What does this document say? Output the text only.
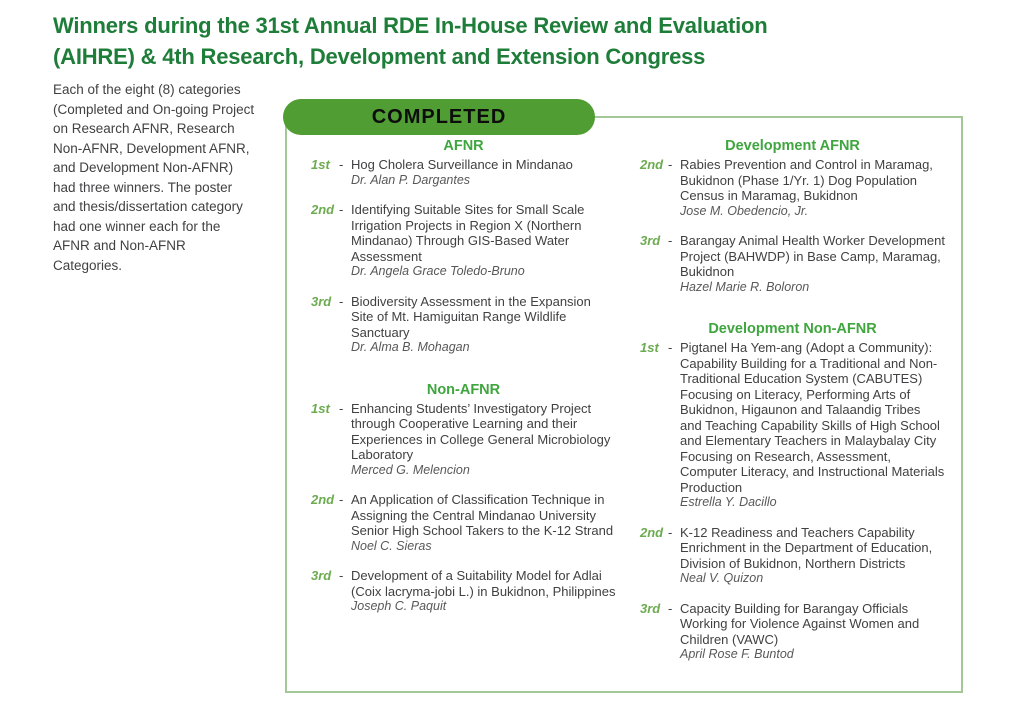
Winners during the 31st Annual RDE In-House Review and Evaluation
(AIHRE) & 4th Research, Development and Extension Congress
Each of the eight (8) categories (Completed and On-going Project on Research AFNR, Research Non-AFNR, Development AFNR, and Development Non-AFNR) had three winners. The poster and thesis/dissertation category had one winner each for the AFNR and Non-AFNR Categories.
COMPLETED
AFNR
1st - Hog Cholera Surveillance in Mindanao
Dr. Alan P. Dargantes
2nd - Identifying Suitable Sites for Small Scale Irrigation Projects in Region X (Northern Mindanao) Through GIS-Based Water Assessment
Dr. Angela Grace Toledo-Bruno
3rd - Biodiversity Assessment in the Expansion Site of Mt. Hamiguitan Range Wildlife Sanctuary
Dr. Alma B. Mohagan
Non-AFNR
1st - Enhancing Students’ Investigatory Project through Cooperative Learning and their Experiences in College General Microbiology Laboratory
Merced G. Melencion
2nd - An Application of Classification Technique in Assigning the Central Mindanao University Senior High School Takers to the K-12 Strand
Noel C. Sieras
3rd - Development of a Suitability Model for Adlai (Coix lacryma-jobi L.) in Bukidnon, Philippines
Joseph C. Paquit
Development AFNR
2nd - Rabies Prevention and Control in Maramag, Bukidnon (Phase 1/Yr. 1) Dog Population Census in Maramag, Bukidnon
Jose M. Obedencio, Jr.
3rd - Barangay Animal Health Worker Development Project (BAHWDP) in Base Camp, Maramag, Bukidnon
Hazel Marie R. Boloron
Development Non-AFNR
1st - Pigtanel Ha Yem-ang (Adopt a Community): Capability Building for a Traditional and Non-Traditional Education System (CABUTES) Focusing on Literacy, Performing Arts of Bukidnon, Higaunon and Talaandig Tribes and Teaching Capability Skills of High School and Elementary Teachers in Malaybalay City Focusing on Research, Assessment, Computer Literacy, and Instructional Materials Production
Estrella Y. Dacillo
2nd - K-12 Readiness and Teachers Capability Enrichment in the Department of Education, Division of Bukidnon, Northern Districts
Neal V. Quizon
3rd - Capacity Building for Barangay Officials Working for Violence Against Women and Children (VAWC)
April Rose F. Buntod
